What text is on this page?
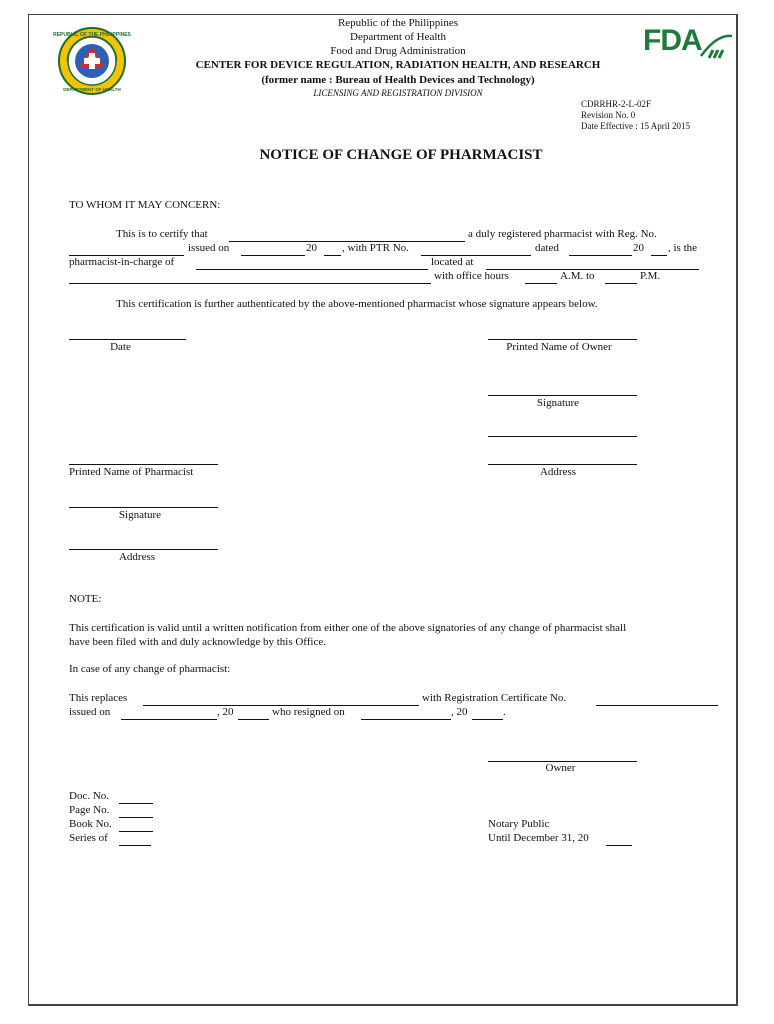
REPUBLIC OF THE PHILIPPINES
DEPARTMENT OF HEALTH
FDA
Republic of the Philippines
Department of Health
Food and Drug Administration
CENTER FOR DEVICE REGULATION, RADIATION HEALTH, AND RESEARCH
(former name : Bureau of Health Devices and Technology)
LICENSING AND REGISTRATION DIVISION
CDRRHR-2-L-02F
Revision No. 0
Date Effective : 15 April 2015
NOTICE OF CHANGE OF PHARMACIST
TO WHOM IT MAY CONCERN:
This is to certify that	a duly registered pharmacist with Reg. No.
issued on	20 , with PTR No.	dated	20 , is the
pharmacist-in-charge of	located at
with office hours	A.M. to	P.M.
This certification is further authenticated by the above-mentioned pharmacist whose signature appears below.
Date	Printed Name of Owner
Signature
Address
Printed Name of Pharmacist
Signature
Address
NOTE:
This certification is valid until a written notification from either one of the above signatories of any change of pharmacist shall
have been filed with and duly acknowledge by this Office.
In case of any change of pharmacist:
This replaces	with Registration Certificate No.
issued on	, 20	who resigned on	, 20	.
Owner
Doc. No.
Page No.
Book No.
Series of
Notary Public
Until December 31, 20
